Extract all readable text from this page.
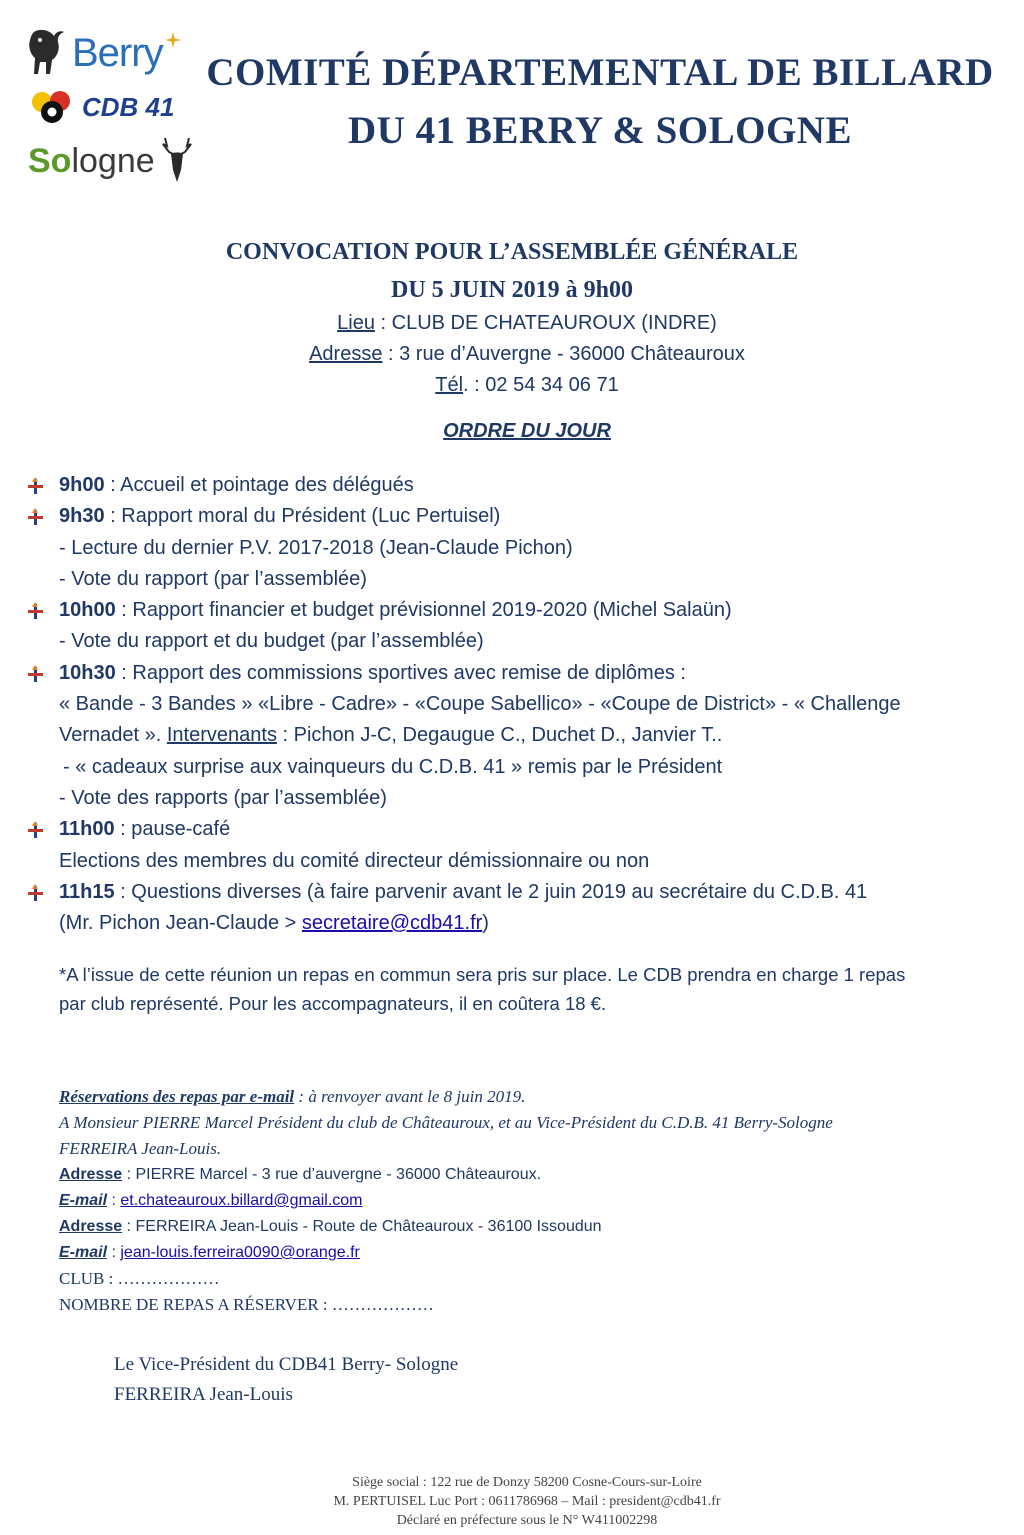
Berry
CDB 41
Sologne
COMITÉ DÉPARTEMENTAL DE BILLARD
DU 41 BERRY & SOLOGNE
CONVOCATION POUR L’ASSEMBLÉE GÉNÉRALE
DU 5 JUIN 2019 à 9h00
Lieu : CLUB DE CHATEAUROUX (INDRE)
Adresse : 3 rue d’Auvergne - 36000 Châteauroux
Tél. : 02 54 34 06 71
ORDRE DU JOUR
9h00 : Accueil et pointage des délégués
9h30 : Rapport moral du Président (Luc Pertuisel)
- Lecture du dernier P.V. 2017-2018 (Jean-Claude Pichon)
- Vote du rapport (par l’assemblée)
10h00 : Rapport financier et budget prévisionnel 2019-2020 (Michel Salaün)
- Vote du rapport et du budget (par l’assemblée)
10h30 : Rapport des commissions sportives avec remise de diplômes :
« Bande - 3 Bandes » «Libre - Cadre» - «Coupe Sabellico» - «Coupe de District» - « Challenge
Vernadet ». Intervenants : Pichon J-C, Degaugue C., Duchet D., Janvier T..
- « cadeaux surprise aux vainqueurs du C.D.B. 41 » remis par le Président
- Vote des rapports (par l’assemblée)
11h00 : pause-café
Elections des membres du comité directeur démissionnaire ou non
11h15 : Questions diverses (à faire parvenir avant le 2 juin 2019 au secrétaire du C.D.B. 41
(Mr. Pichon Jean-Claude > secretaire@cdb41.fr)
*A l’issue de cette réunion un repas en commun sera pris sur place. Le CDB prendra en charge 1 repas
par club représenté. Pour les accompagnateurs, il en coûtera 18 €.
Réservations des repas par e-mail : à renvoyer avant le 8 juin 2019.
A Monsieur PIERRE Marcel Président du club de Châteauroux, et au Vice-Président du C.D.B. 41 Berry-Sologne
FERREIRA Jean-Louis.
Adresse : PIERRE Marcel - 3 rue d’auvergne - 36000 Châteauroux.
E-mail : et.chateauroux.billard@gmail.com
Adresse : FERREIRA Jean-Louis - Route de Châteauroux - 36100 Issoudun
E-mail : jean-louis.ferreira0090@orange.fr
CLUB : ………………
NOMBRE DE REPAS A RÉSERVER : ………………
Le Vice-Président du CDB41 Berry- Sologne
FERREIRA Jean-Louis
Siège social : 122 rue de Donzy 58200 Cosne-Cours-sur-Loire
M. PERTUISEL Luc Port : 0611786968 – Mail : president@cdb41.fr
Déclaré en préfecture sous le N° W411002298
